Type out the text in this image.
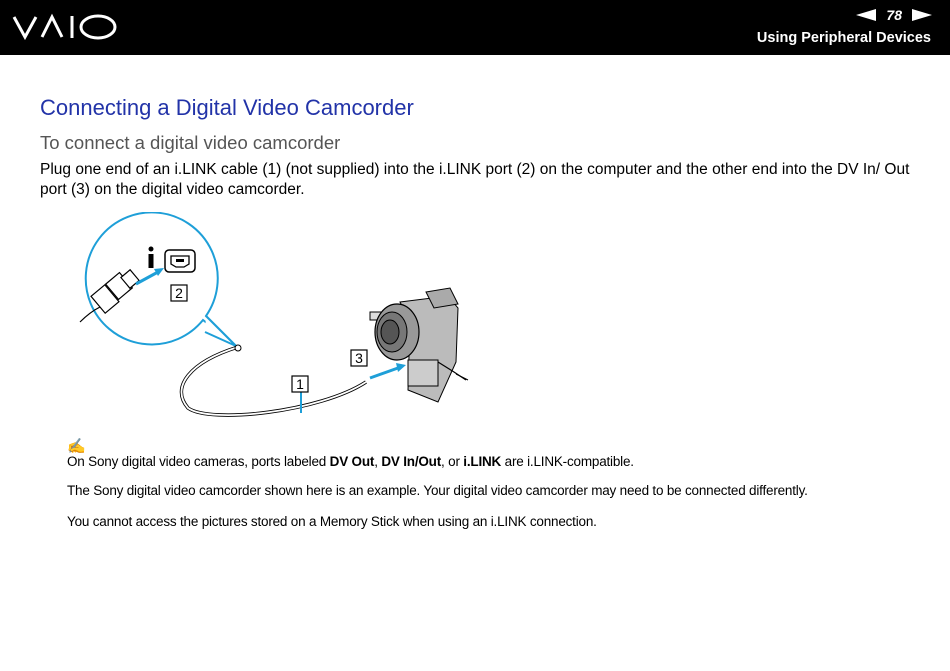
78
Using Peripheral Devices
Connecting a Digital Video Camcorder
To connect a digital video camcorder

Plug one end of an i.LINK cable (1) (not supplied) into the i.LINK port (2) on the computer and the other end into the DV In/ Out port (3) on the digital video camcorder.

2
1
3
✍

On Sony digital video cameras, ports labeled DV Out, DV In/Out, or i.LINK are i.LINK-compatible.

The Sony digital video camcorder shown here is an example. Your digital video camcorder may need to be connected differently.

You cannot access the pictures stored on a Memory Stick when using an i.LINK connection.
